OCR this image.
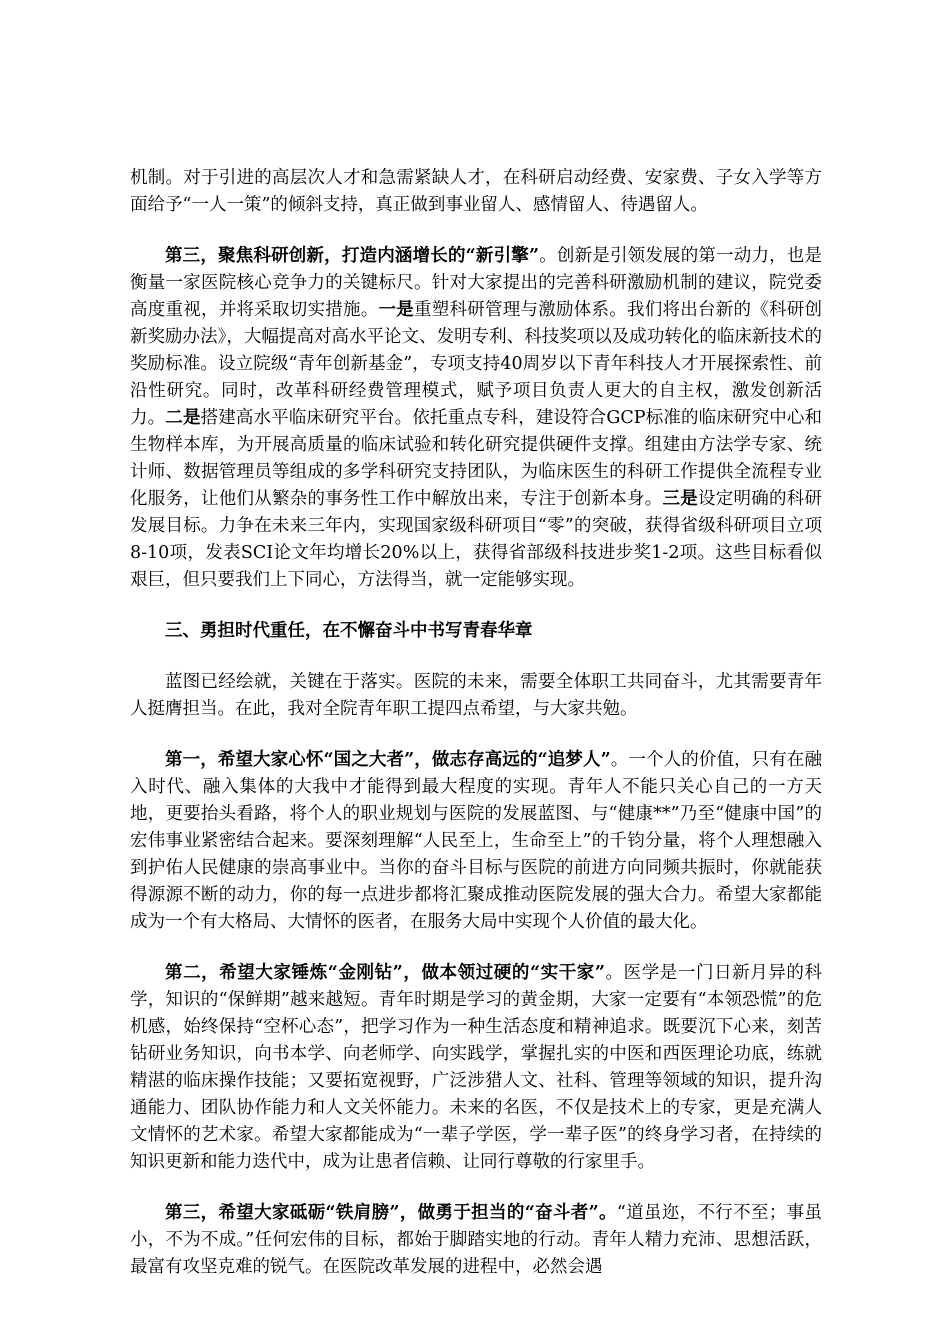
机制。对于引进的高层次人才和急需紧缺人才，在科研启动经费、安家费、子女入学等方面给予“一人一策”的倾斜支持，真正做到事业留人、感情留人、待遇留人。

第三，聚焦科研创新，打造内涵增长的“新引擎”。创新是引领发展的第一动力，也是衡量一家医院核心竞争力的关键标尺。针对大家提出的完善科研激励机制的建议，院党委高度重视，并将采取切实措施。一是重塑科研管理与激励体系。我们将出台新的《科研创新奖励办法》，大幅提高对高水平论文、发明专利、科技奖项以及成功转化的临床新技术的奖励标准。设立院级“青年创新基金”，专项支持40周岁以下青年科技人才开展探索性、前沿性研究。同时，改革科研经费管理模式，赋予项目负责人更大的自主权，激发创新活力。二是搭建高水平临床研究平台。依托重点专科，建设符合GCP标准的临床研究中心和生物样本库，为开展高质量的临床试验和转化研究提供硬件支撑。组建由方法学专家、统计师、数据管理员等组成的多学科研究支持团队，为临床医生的科研工作提供全流程专业化服务，让他们从繁杂的事务性工作中解放出来，专注于创新本身。三是设定明确的科研发展目标。力争在未来三年内，实现国家级科研项目“零”的突破，获得省级科研项目立项8-10项，发表SCI论文年均增长20%以上，获得省部级科技进步奖1-2项。这些目标看似艰巨，但只要我们上下同心，方法得当，就一定能够实现。

三、勇担时代重任，在不懈奋斗中书写青春华章

蓝图已经绘就，关键在于落实。医院的未来，需要全体职工共同奋斗，尤其需要青年人挺膺担当。在此，我对全院青年职工提四点希望，与大家共勉。

第一，希望大家心怀“国之大者”，做志存高远的“追梦人”。一个人的价值，只有在融入时代、融入集体的大我中才能得到最大程度的实现。青年人不能只关心自己的一方天地，更要抬头看路，将个人的职业规划与医院的发展蓝图、与“健康**”乃至“健康中国”的宏伟事业紧密结合起来。要深刻理解“人民至上，生命至上”的千钧分量，将个人理想融入到护佑人民健康的崇高事业中。当你的奋斗目标与医院的前进方向同频共振时，你就能获得源源不断的动力，你的每一点进步都将汇聚成推动医院发展的强大合力。希望大家都能成为一个有大格局、大情怀的医者，在服务大局中实现个人价值的最大化。

第二，希望大家锤炼“金刚钻”，做本领过硬的“实干家”。医学是一门日新月异的科学，知识的“保鲜期”越来越短。青年时期是学习的黄金期，大家一定要有“本领恐慌”的危机感，始终保持“空杯心态”，把学习作为一种生活态度和精神追求。既要沉下心来，刻苦钻研业务知识，向书本学、向老师学、向实践学，掌握扎实的中医和西医理论功底，练就精湛的临床操作技能；又要拓宽视野，广泛涉猎人文、社科、管理等领域的知识，提升沟通能力、团队协作能力和人文关怀能力。未来的名医，不仅是技术上的专家，更是充满人文情怀的艺术家。希望大家都能成为“一辈子学医，学一辈子医”的终身学习者，在持续的知识更新和能力迭代中，成为让患者信赖、让同行尊敬的行家里手。

第三，希望大家砥砺“铁肩膀”，做勇于担当的“奋斗者”。“道虽迩，不行不至；事虽小，不为不成。”任何宏伟的目标，都始于脚踏实地的行动。青年人精力充沛、思想活跃，最富有攻坚克难的锐气。在医院改革发展的进程中，必然会遇
